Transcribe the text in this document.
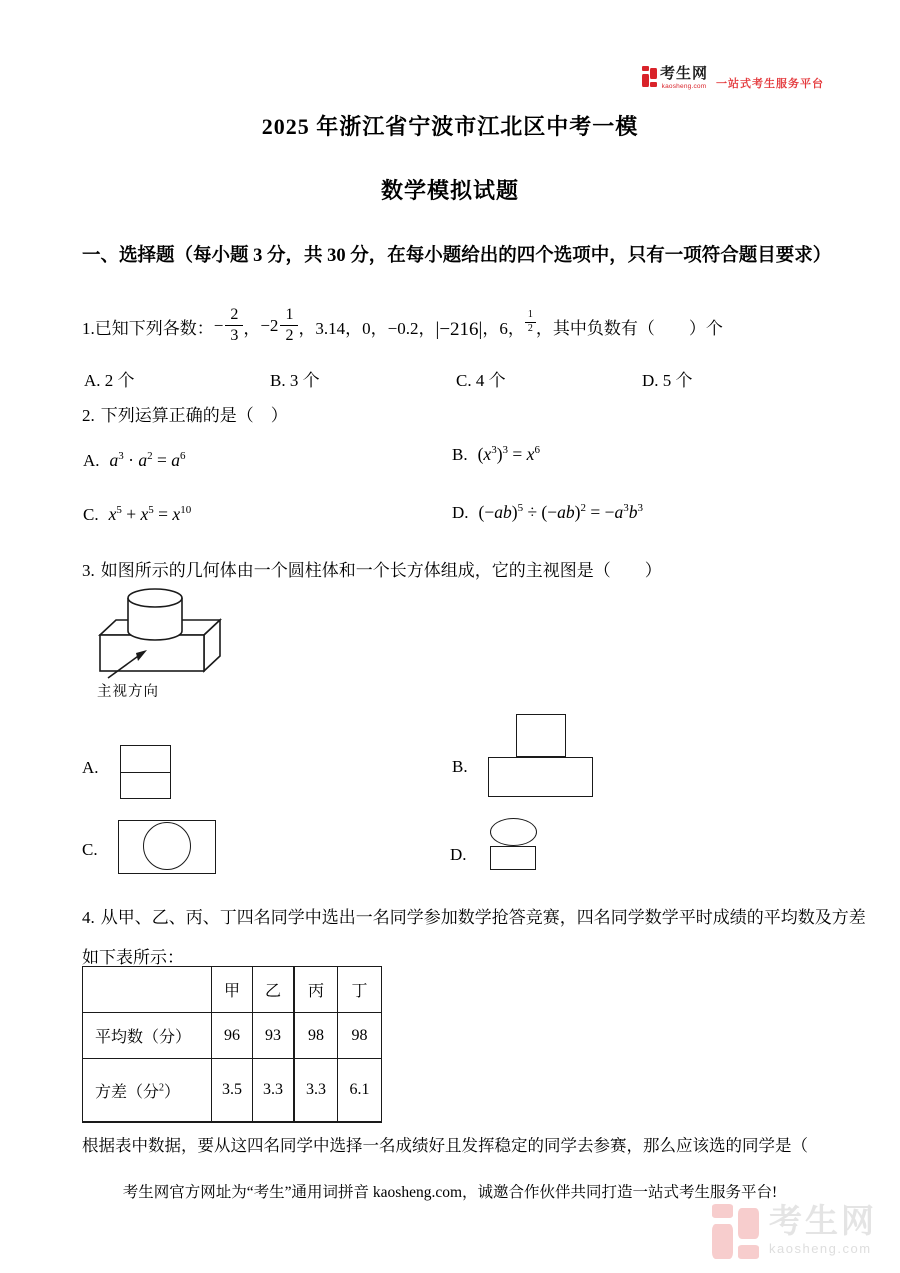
考生网
kaosheng.com 一站式考生服务平台
2025 年浙江省宁波市江北区中考一模
数学模拟试题
一、选择题（每小题 3 分，共 30 分，在每小题给出的四个选项中，只有一项符合题目要求）
1. 已知下列各数： − $\frac{2}{3}$ ， −2
1
2 ，3.14，0，−0.2， |−216| ，6，
1
2 ，其中负数有（　　）个
A. 2 个	B. 3 个	C. 4 个	D. 5 个
2. 下列运算正确的是（　）
A. $a^3 \cdot a^2 = a^6$	B. $(x^3)^3 = x^6$
C. $x^5 + x^5 = x^{10}$	D. $(-ab)^5 \div (-ab)^2 = -a^3b^3$
3. 如图所示的几何体由一个圆柱体和一个长方体组成，它的主视图是（　　）
主视方向
A.	B.
C.	D.
4. 从甲、乙、丙、丁四名同学中选出一名同学参加数学抢答竞赛，四名同学数学平时成绩的平均数及方差
如下表所示：
	甲	乙	丙	丁
平均数（分）	96	93	98	98
方差（分$^2$）	3.5	3.3	3.3	6.1
根据表中数据，要从这四名同学中选择一名成绩好且发挥稳定的同学去参赛，那么应该选的同学是（
考生网官方网址为“考生”通用词拼音 kaosheng.com，诚邀合作伙伴共同打造一站式考生服务平台!
考生网
kaosheng.com
